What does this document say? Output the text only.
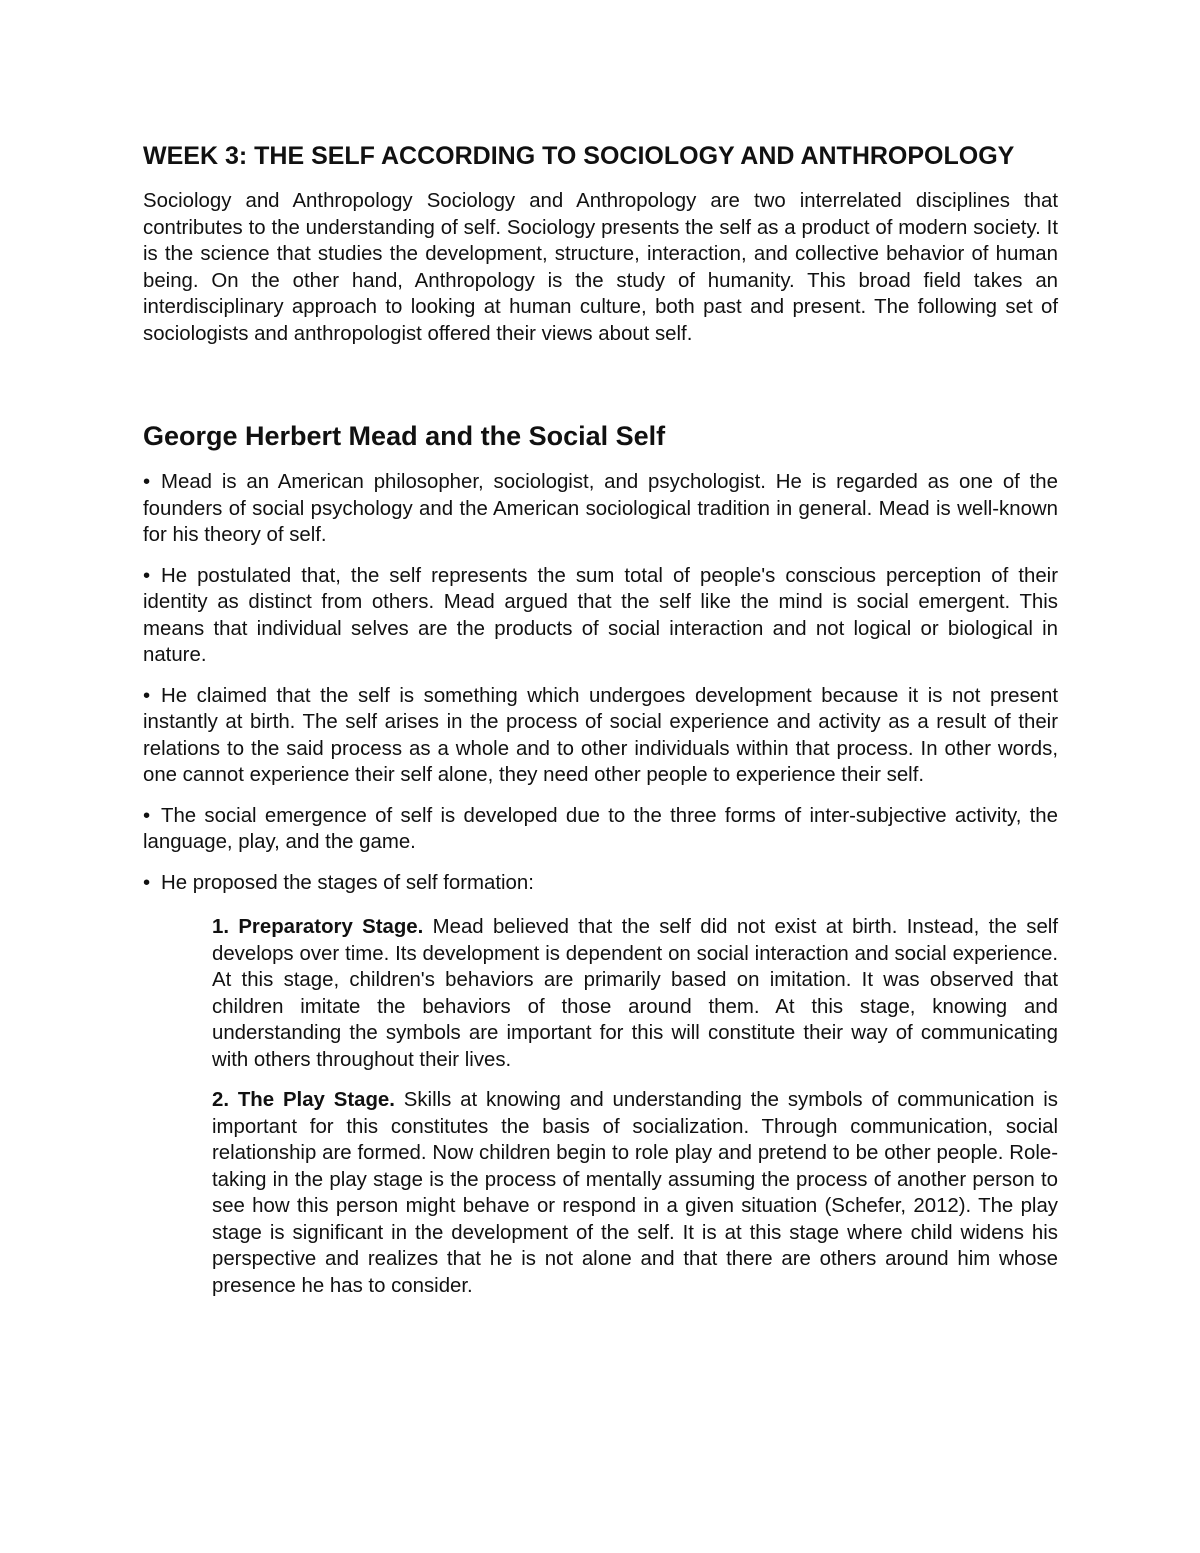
WEEK 3: THE SELF ACCORDING TO SOCIOLOGY AND ANTHROPOLOGY

Sociology and Anthropology Sociology and Anthropology are two interrelated disciplines that contributes to the understanding of self. Sociology presents the self as a product of modern society. It is the science that studies the development, structure, interaction, and collective behavior of human being. On the other hand, Anthropology is the study of humanity. This broad field takes an interdisciplinary approach to looking at human culture, both past and present. The following set of sociologists and anthropologist offered their views about self.

George Herbert Mead and the Social Self

• Mead is an American philosopher, sociologist, and psychologist. He is regarded as one of the founders of social psychology and the American sociological tradition in general. Mead is well-known for his theory of self.

• He postulated that, the self represents the sum total of people's conscious perception of their identity as distinct from others. Mead argued that the self like the mind is social emergent. This means that individual selves are the products of social interaction and not logical or biological in nature.

• He claimed that the self is something which undergoes development because it is not present instantly at birth. The self arises in the process of social experience and activity as a result of their relations to the said process as a whole and to other individuals within that process. In other words, one cannot experience their self alone, they need other people to experience their self.

• The social emergence of self is developed due to the three forms of inter-subjective activity, the language, play, and the game.

• He proposed the stages of self formation:

1. Preparatory Stage. Mead believed that the self did not exist at birth. Instead, the self develops over time. Its development is dependent on social interaction and social experience. At this stage, children's behaviors are primarily based on imitation. It was observed that children imitate the behaviors of those around them. At this stage, knowing and understanding the symbols are important for this will constitute their way of communicating with others throughout their lives.

2. The Play Stage. Skills at knowing and understanding the symbols of communication is important for this constitutes the basis of socialization. Through communication, social relationship are formed. Now children begin to role play and pretend to be other people. Role-taking in the play stage is the process of mentally assuming the process of another person to see how this person might behave or respond in a given situation (Schefer, 2012). The play stage is significant in the development of the self. It is at this stage where child widens his perspective and realizes that he is not alone and that there are others around him whose presence he has to consider.
